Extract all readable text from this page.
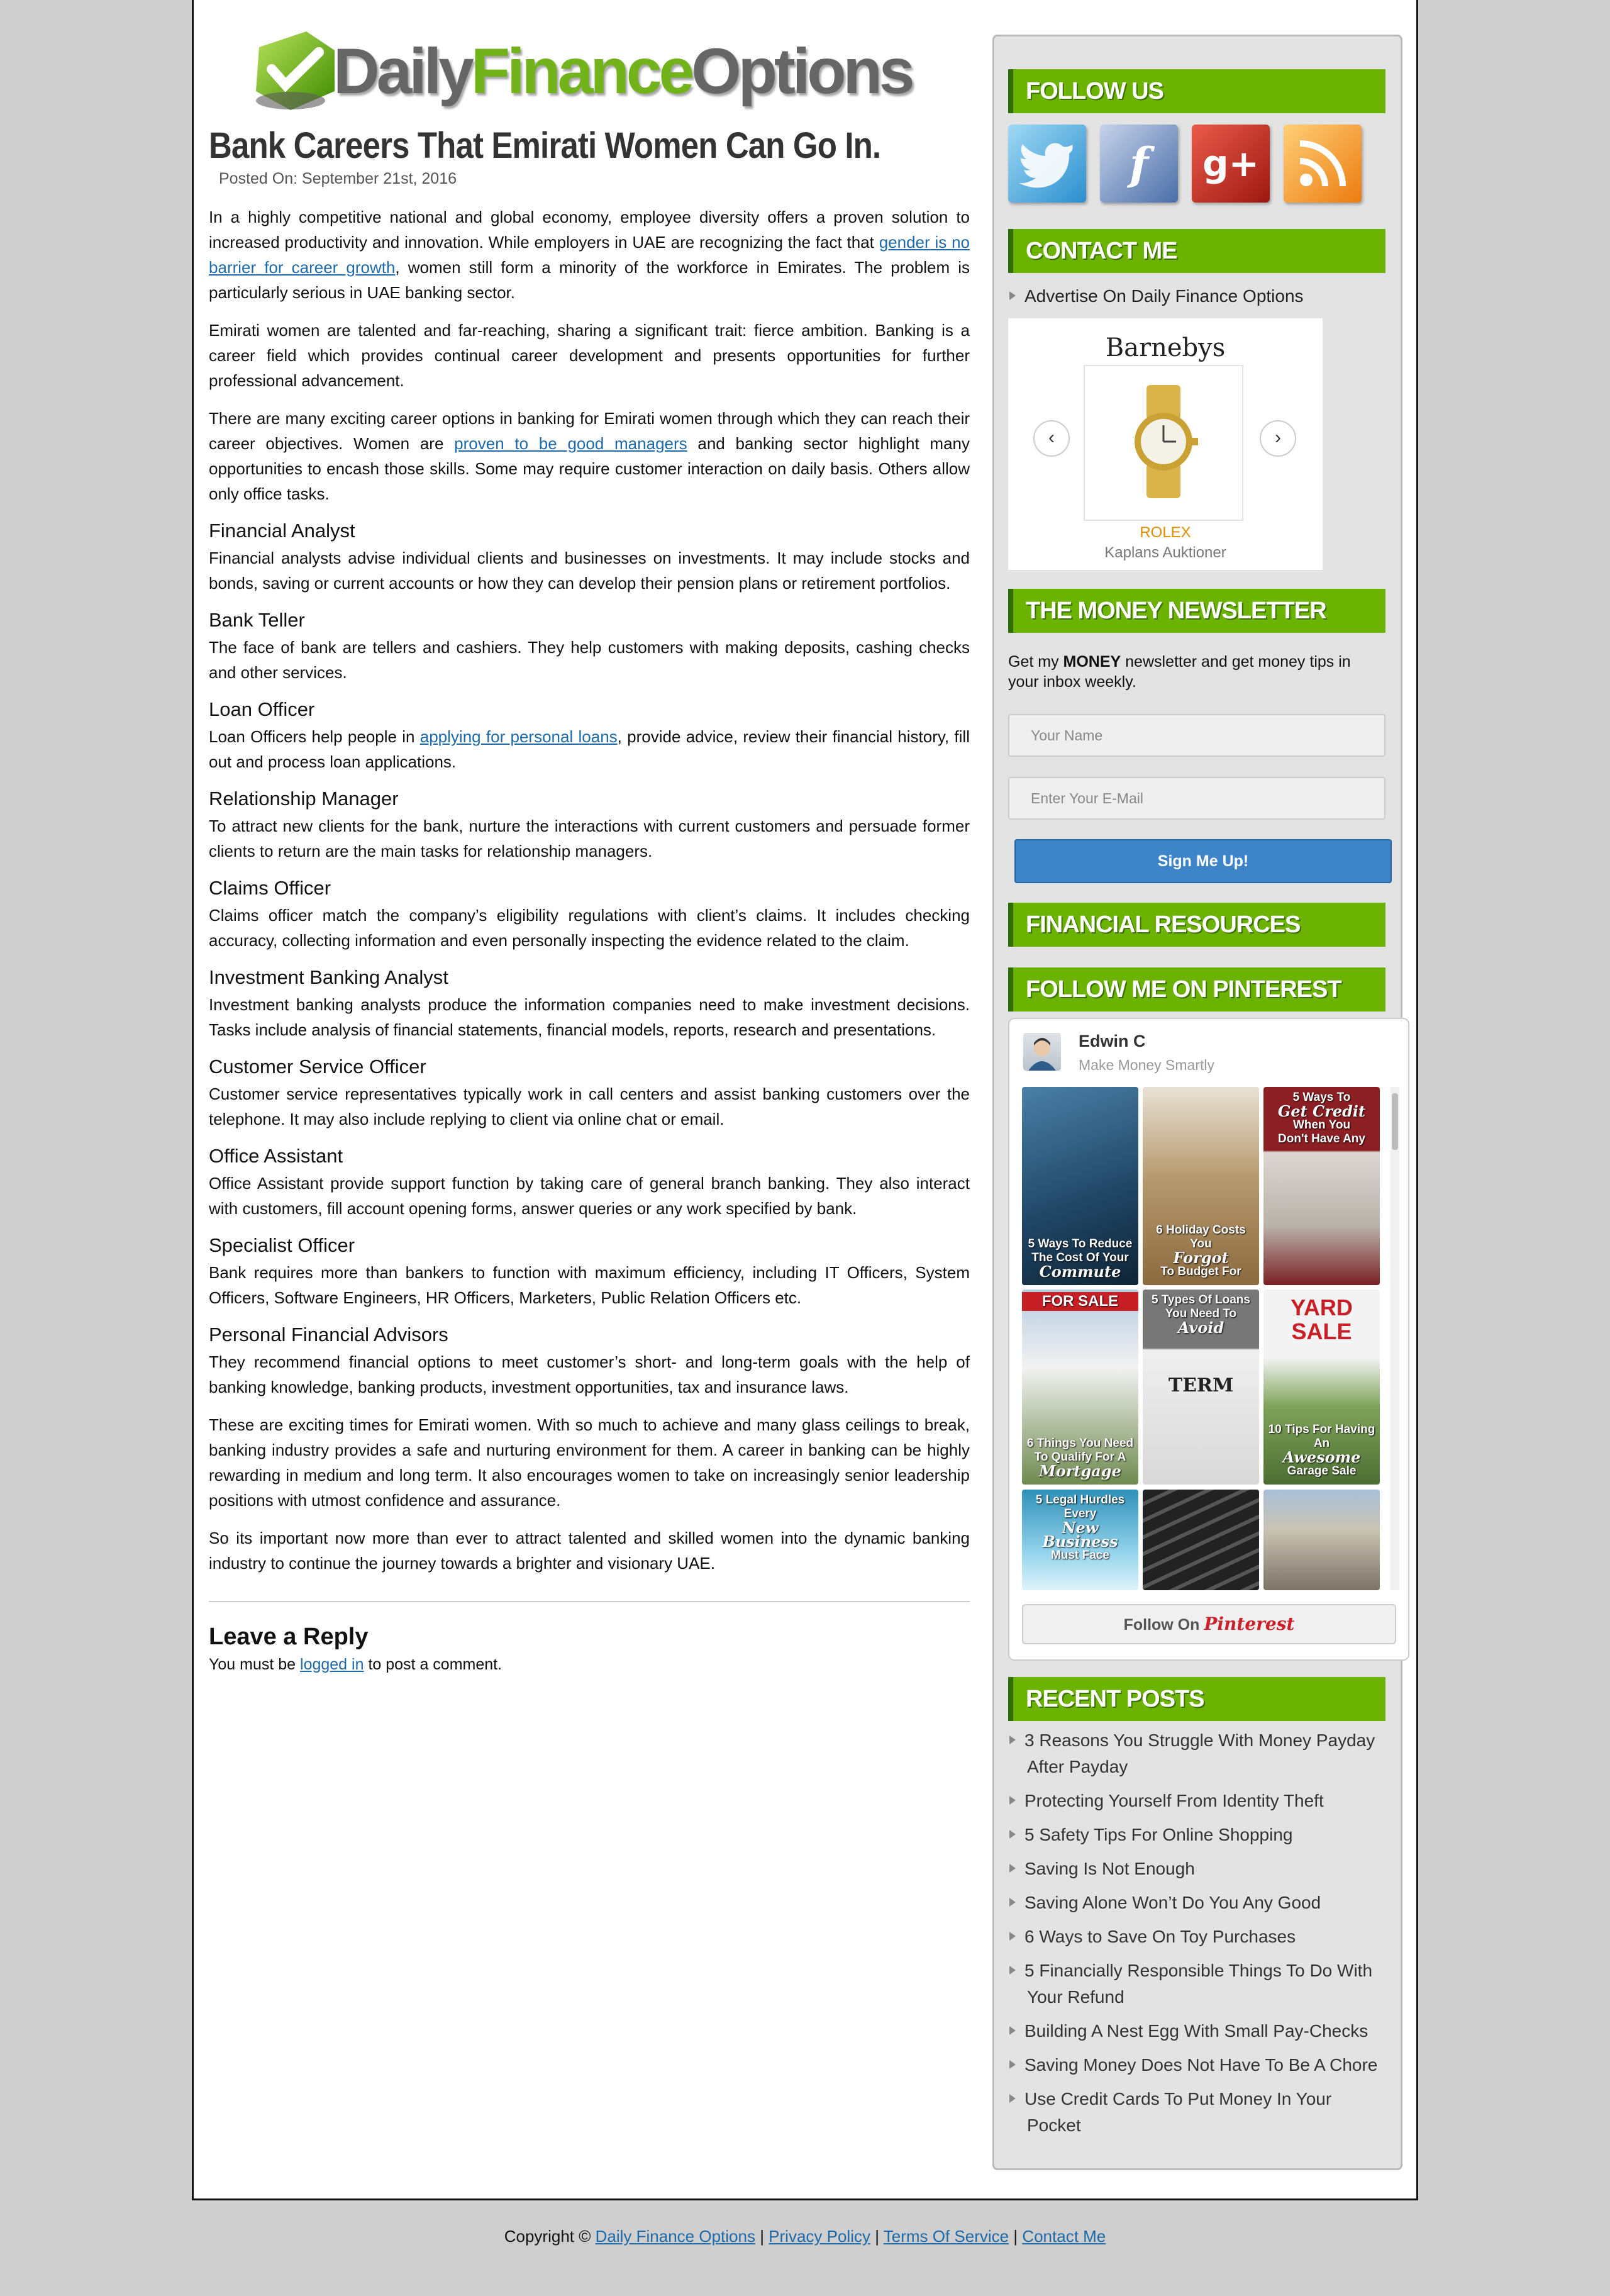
DailyFinanceOptions
Bank Careers That Emirati Women Can Go In.
Posted On: September 21st, 2016

In a highly competitive national and global economy, employee diversity offers a proven solution to increased productivity and innovation. While employers in UAE are recognizing the fact that gender is no barrier for career growth, women still form a minority of the workforce in Emirates. The problem is particularly serious in UAE banking sector.

Emirati women are talented and far-reaching, sharing a significant trait: fierce ambition. Banking is a career field which provides continual career development and presents opportunities for further professional advancement.

There are many exciting career options in banking for Emirati women through which they can reach their career objectives. Women are proven to be good managers and banking sector highlight many opportunities to encash those skills. Some may require customer interaction on daily basis. Others allow only office tasks.

Financial Analyst

Financial analysts advise individual clients and businesses on investments. It may include stocks and bonds, saving or current accounts or how they can develop their pension plans or retirement portfolios.

Bank Teller

The face of bank are tellers and cashiers. They help customers with making deposits, cashing checks and other services.

Loan Officer

Loan Officers help people in applying for personal loans, provide advice, review their financial history, fill out and process loan applications.

Relationship Manager

To attract new clients for the bank, nurture the interactions with current customers and persuade former clients to return are the main tasks for relationship managers.

Claims Officer

Claims officer match the company’s eligibility regulations with client’s claims. It includes checking accuracy, collecting information and even personally inspecting the evidence related to the claim.

Investment Banking Analyst

Investment banking analysts produce the information companies need to make investment decisions. Tasks include analysis of financial statements, financial models, reports, research and presentations.

Customer Service Officer

Customer service representatives typically work in call centers and assist banking customers over the telephone. It may also include replying to client via online chat or email.

Office Assistant

Office Assistant provide support function by taking care of general branch banking. They also interact with customers, fill account opening forms, answer queries or any work specified by bank.

Specialist Officer

Bank requires more than bankers to function with maximum efficiency, including IT Officers, System Officers, Software Engineers, HR Officers, Marketers, Public Relation Officers etc.

Personal Financial Advisors

They recommend financial options to meet customer’s short- and long-term goals with the help of banking knowledge, banking products, investment opportunities, tax and insurance laws.

These are exciting times for Emirati women. With so much to achieve and many glass ceilings to break, banking industry provides a safe and nurturing environment for them. A career in banking can be highly rewarding in medium and long term. It also encourages women to take on increasingly senior leadership positions with utmost confidence and assurance.

So its important now more than ever to attract talented and skilled women into the dynamic banking industry to continue the journey towards a brighter and visionary UAE.

Leave a Reply
You must be logged in to post a comment.
FOLLOW US
f	g+
CONTACT ME
Advertise On Daily Finance Options
Barnebys
‹	›
ROLEX
Kaplans Auktioner
THE MONEY NEWSLETTER
Get my MONEY newsletter and get money tips in your inbox weekly.
Your Name
Enter Your E-Mail
Sign Me Up!
FINANCIAL RESOURCES
FOLLOW ME ON PINTEREST
Edwin C
Make Money Smartly
5 Ways To Reduce
The Cost Of Your
Commute
6 Holiday Costs You
Forgot
To Budget For
5 Ways To
Get Credit
When You
Don't Have Any
FOR SALE
6 Things You Need
To Qualify For A
Mortgage
5 Types Of Loans
You Need To
Avoid
TERM
YARD SALE
10 Tips For Having An
Awesome
Garage Sale
5 Legal Hurdles Every
New Business
Must Face
Follow On Pinterest
RECENT POSTS
3 Reasons You Struggle With Money Payday After Payday
Protecting Yourself From Identity Theft
5 Safety Tips For Online Shopping
Saving Is Not Enough
Saving Alone Won’t Do You Any Good
6 Ways to Save On Toy Purchases
5 Financially Responsible Things To Do With Your Refund
Building A Nest Egg With Small Pay-Checks
Saving Money Does Not Have To Be A Chore
Use Credit Cards To Put Money In Your Pocket
Copyright © Daily Finance Options | Privacy Policy | Terms Of Service | Contact Me
